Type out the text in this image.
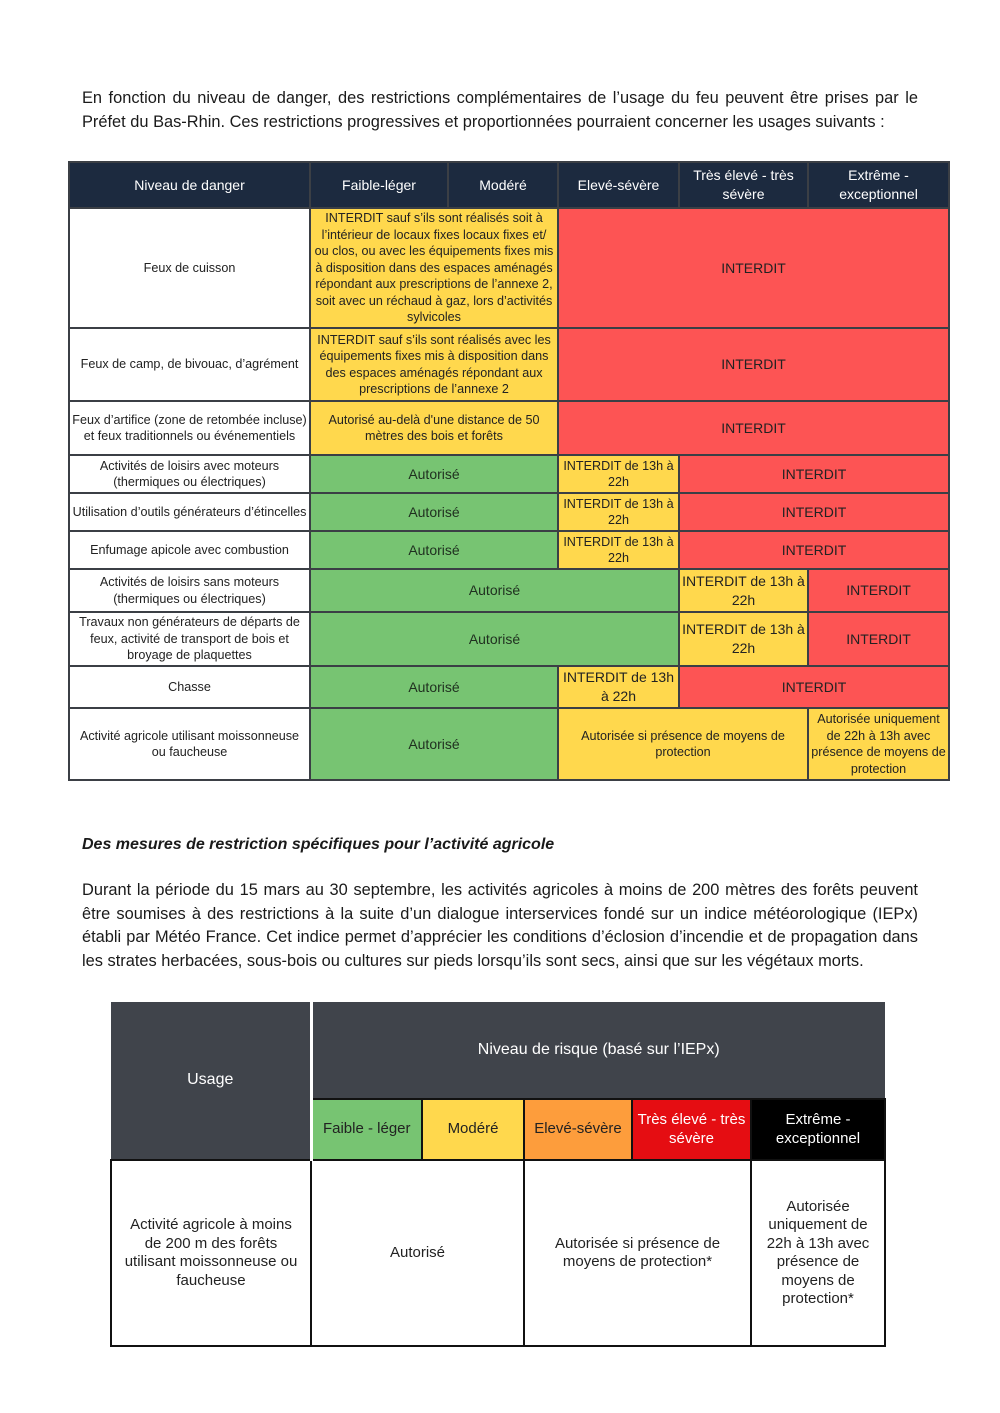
En fonction du niveau de danger, des restrictions complémentaires de l’usage du feu peuvent être prises par le Préfet du Bas-Rhin. Ces restrictions progressives et proportionnées pourraient concerner les usages suivants :

Niveau de danger	Faible-léger	Modéré	Elevé-sévère	Très élevé - très sévère	Extrême - exceptionnel
Feux de cuisson	INTERDIT sauf s’ils sont réalisés soit à l’intérieur de locaux fixes locaux fixes et/ ou clos, ou avec les équipements fixes mis à disposition dans des espaces aménagés répondant aux prescriptions de l’annexe 2, soit avec un réchaud à gaz, lors d’activités sylvicoles		INTERDIT		
Feux de camp, de bivouac, d’agrément	INTERDIT sauf s’ils sont réalisés avec les équipements fixes mis à disposition dans des espaces aménagés répondant aux prescriptions de l’annexe 2		INTERDIT		
Feux d’artifice (zone de retombée incluse) et feux traditionnels ou événementiels	Autorisé au-delà d'une distance de 50 mètres des bois et forêts		INTERDIT		
Activités de loisirs avec moteurs (thermiques ou électriques)	Autorisé		INTERDIT de 13h à 22h	INTERDIT	
Utilisation d’outils générateurs d’étincelles	Autorisé		INTERDIT de 13h à 22h	INTERDIT	
Enfumage apicole avec combustion	Autorisé		INTERDIT de 13h à 22h	INTERDIT	
Activités de loisirs sans moteurs (thermiques ou électriques)	Autorisé			INTERDIT de 13h à 22h	INTERDIT
Travaux non générateurs de départs de feux, activité de transport de bois et broyage de plaquettes	Autorisé			INTERDIT de 13h à 22h	INTERDIT
Chasse	Autorisé		INTERDIT de 13h à 22h	INTERDIT	
Activité agricole utilisant moissonneuse ou faucheuse	Autorisé		Autorisée si présence de moyens de protection		Autorisée uniquement de 22h à 13h avec présence de moyens de protection

Des mesures de restriction spécifiques pour l’activité agricole

Durant la période du 15 mars au 30 septembre, les activités agricoles à moins de 200 mètres des forêts peuvent être soumises à des restrictions à la suite d’un dialogue interservices fondé sur un indice météorologique (IEPx) établi par Météo France. Cet indice permet d’apprécier les conditions d’éclosion d’incendie et de propagation dans les strates herbacées, sous-bois ou cultures sur pieds lorsqu’ils sont secs, ainsi que sur les végétaux morts.

Usage	Niveau de risque (basé sur l’IEPx)				
	Faible - léger	Modéré	Elevé-sévère	Très élevé - très sévère	Extrême - exceptionnel
Activité agricole à moins de 200 m des forêts utilisant moissonneuse ou faucheuse	Autorisé		Autorisée si présence de moyens de protection*		Autorisée uniquement de 22h à 13h avec présence de moyens de protection*
